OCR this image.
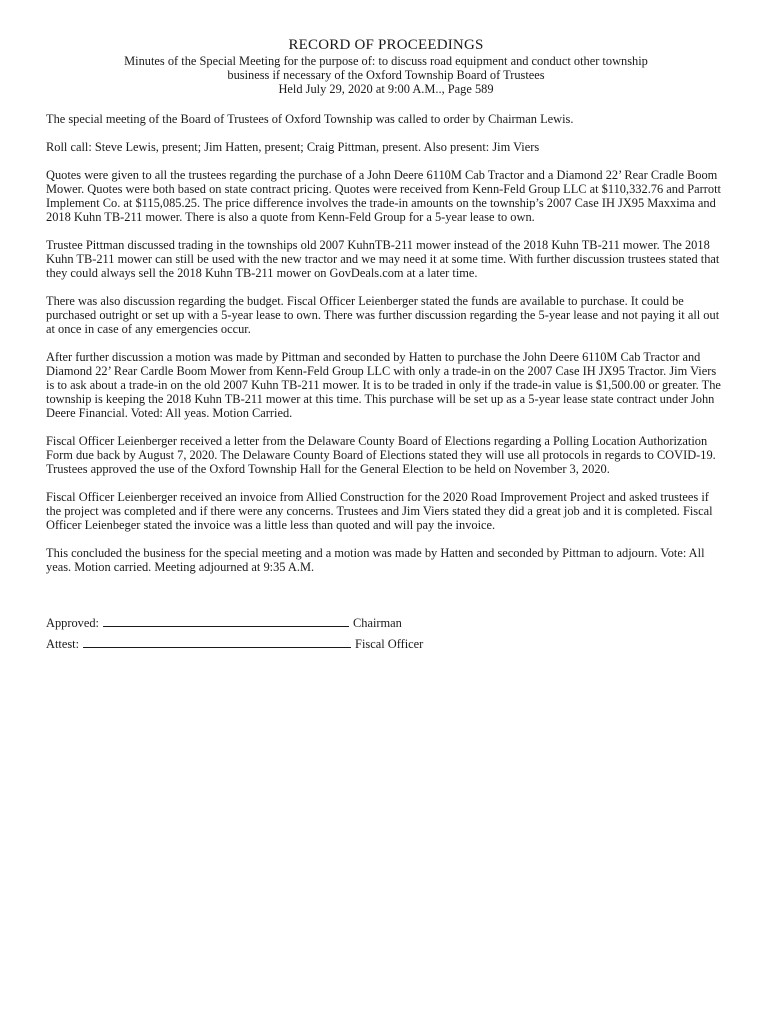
RECORD OF PROCEEDINGS

Minutes of the Special Meeting for the purpose of: to discuss road equipment and conduct other township

business if necessary of the Oxford Township Board of Trustees

Held July 29, 2020 at 9:00 A.M.., Page 589

The special meeting of the Board of Trustees of Oxford Township was called to order by Chairman Lewis.

Roll call: Steve Lewis, present; Jim Hatten, present; Craig Pittman, present. Also present: Jim Viers

Quotes were given to all the trustees regarding the purchase of a John Deere 6110M Cab Tractor and a Diamond 22’ Rear Cradle Boom Mower. Quotes were both based on state contract pricing. Quotes were received from Kenn-Feld Group LLC at $110,332.76 and Parrott Implement Co. at $115,085.25. The price difference involves the trade-in amounts on the township’s 2007 Case IH JX95 Maxxima and 2018 Kuhn TB-211 mower. There is also a quote from Kenn-Feld Group for a 5-year lease to own.

Trustee Pittman discussed trading in the townships old 2007 KuhnTB-211 mower instead of the 2018 Kuhn TB-211 mower. The 2018 Kuhn TB-211 mower can still be used with the new tractor and we may need it at some time. With further discussion trustees stated that they could always sell the 2018 Kuhn TB-211 mower on GovDeals.com at a later time.

There was also discussion regarding the budget. Fiscal Officer Leienberger stated the funds are available to purchase. It could be purchased outright or set up with a 5-year lease to own. There was further discussion regarding the 5-year lease and not paying it all out at once in case of any emergencies occur.

After further discussion a motion was made by Pittman and seconded by Hatten to purchase the John Deere 6110M Cab Tractor and Diamond 22’ Rear Cardle Boom Mower from Kenn-Feld Group LLC with only a trade-in on the 2007 Case IH JX95 Tractor. Jim Viers is to ask about a trade-in on the old 2007 Kuhn TB-211 mower. It is to be traded in only if the trade-in value is $1,500.00 or greater. The township is keeping the 2018 Kuhn TB-211 mower at this time. This purchase will be set up as a 5-year lease state contract under John Deere Financial. Voted: All yeas. Motion Carried.

Fiscal Officer Leienberger received a letter from the Delaware County Board of Elections regarding a Polling Location Authorization Form due back by August 7, 2020. The Delaware County Board of Elections stated they will use all protocols in regards to COVID-19. Trustees approved the use of the Oxford Township Hall for the General Election to be held on November 3, 2020.

Fiscal Officer Leienberger received an invoice from Allied Construction for the 2020 Road Improvement Project and asked trustees if the project was completed and if there were any concerns. Trustees and Jim Viers stated they did a great job and it is completed. Fiscal Officer Leienbeger stated the invoice was a little less than quoted and will pay the invoice.

This concluded the business for the special meeting and a motion was made by Hatten and seconded by Pittman to adjourn. Vote: All yeas. Motion carried. Meeting adjourned at 9:35 A.M.

Approved:	Chairman

Attest:	Fiscal Officer
